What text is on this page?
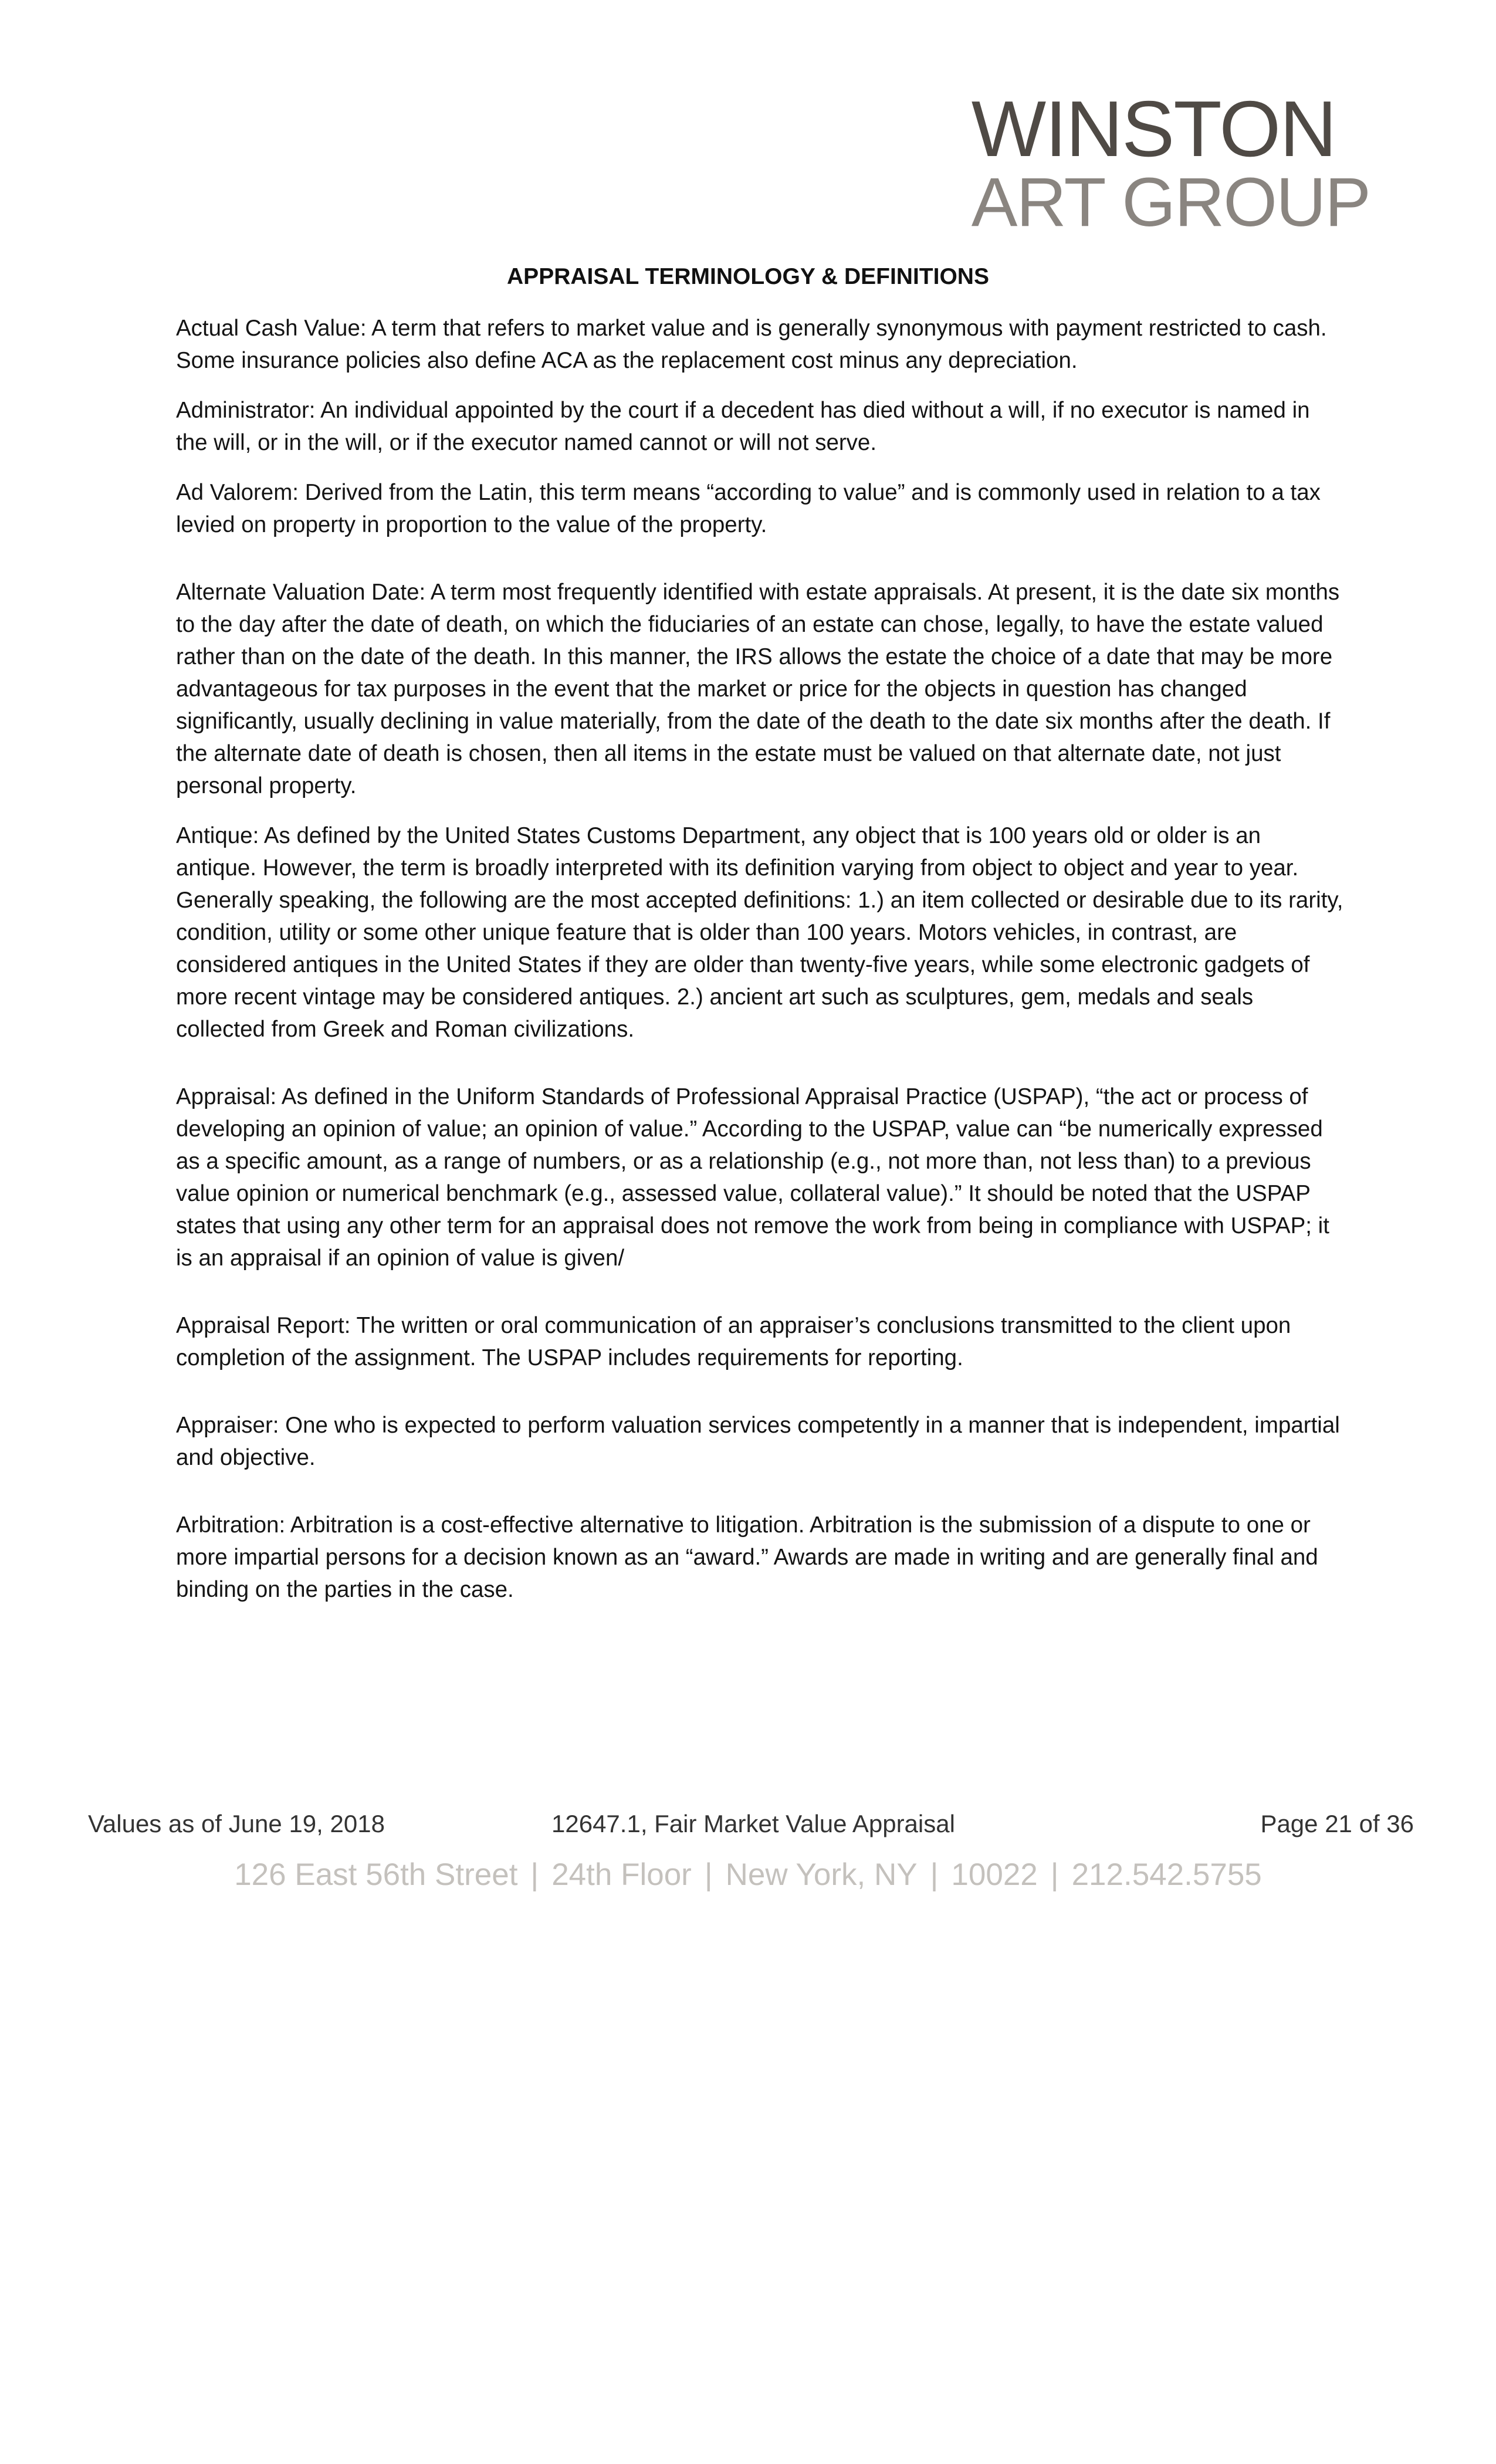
WINSTON
ART GROUP
APPRAISAL TERMINOLOGY & DEFINITIONS

Actual Cash Value: A term that refers to market value and is generally synonymous with payment restricted to cash. Some insurance policies also define ACA as the replacement cost minus any depreciation.

Administrator: An individual appointed by the court if a decedent has died without a will, if no executor is named in the will, or in the will, or if the executor named cannot or will not serve.

Ad Valorem: Derived from the Latin, this term means “according to value” and is commonly used in relation to a tax levied on property in proportion to the value of the property.

Alternate Valuation Date: A term most frequently identified with estate appraisals. At present, it is the date six months to the day after the date of death, on which the fiduciaries of an estate can chose, legally, to have the estate valued rather than on the date of the death. In this manner, the IRS allows the estate the choice of a date that may be more advantageous for tax purposes in the event that the market or price for the objects in question has changed significantly, usually declining in value materially, from the date of the death to the date six months after the death. If the alternate date of death is chosen, then all items in the estate must be valued on that alternate date, not just personal property.

Antique: As defined by the United States Customs Department, any object that is 100 years old or older is an antique. However, the term is broadly interpreted with its definition varying from object to object and year to year. Generally speaking, the following are the most accepted definitions: 1.) an item collected or desirable due to its rarity, condition, utility or some other unique feature that is older than 100 years. Motors vehicles, in contrast, are considered antiques in the United States if they are older than twenty-five years, while some electronic gadgets of more recent vintage may be considered antiques. 2.) ancient art such as sculptures, gem, medals and seals collected from Greek and Roman civilizations.

Appraisal: As defined in the Uniform Standards of Professional Appraisal Practice (USPAP), “the act or process of developing an opinion of value; an opinion of value.” According to the USPAP, value can “be numerically expressed as a specific amount, as a range of numbers, or as a relationship (e.g., not more than, not less than) to a previous value opinion or numerical benchmark (e.g., assessed value, collateral value).” It should be noted that the USPAP states that using any other term for an appraisal does not remove the work from being in compliance with USPAP; it is an appraisal if an opinion of value is given/

Appraisal Report: The written or oral communication of an appraiser’s conclusions transmitted to the client upon completion of the assignment. The USPAP includes requirements for reporting.

Appraiser: One who is expected to perform valuation services competently in a manner that is independent, impartial and objective.

Arbitration: Arbitration is a cost-effective alternative to litigation. Arbitration is the submission of a dispute to one or more impartial persons for a decision known as an “award.” Awards are made in writing and are generally final and binding on the parties in the case.

Values as of June 19, 2018	12647.1, Fair Market Value Appraisal	Page 21 of 36
126 East 56th Street | 24th Floor | New York, NY | 10022 | 212.542.5755
